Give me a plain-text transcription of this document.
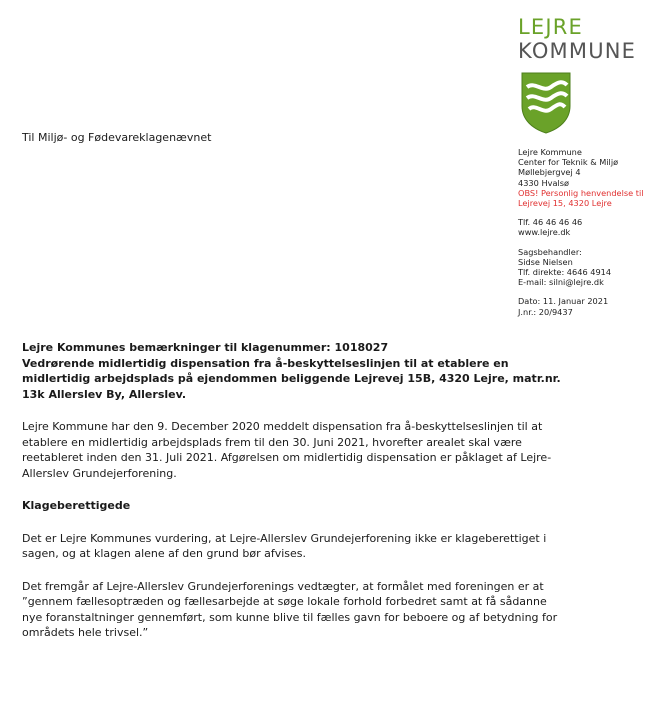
LEJRE
KOMMUNE
Til Miljø- og Fødevareklagenævnet
Lejre Kommune
Center for Teknik & Miljø
Møllebjergvej 4
4330 Hvalsø
OBS! Personlig henvendelse til
Lejrevej 15, 4320 Lejre
Tlf. 46 46 46 46
www.lejre.dk
Sagsbehandler:
Sidse Nielsen
Tlf. direkte: 4646 4914
E-mail: silni@lejre.dk
Dato: 11. Januar 2021
J.nr.: 20/9437

Lejre Kommunes bemærkninger til klagenummer: 1018027

Vedrørende midlertidig dispensation fra å-beskyttelseslinjen til at etablere en midlertidig arbejdsplads på ejendommen beliggende Lejrevej 15B, 4320 Lejre, matr.nr. 13k Allerslev By, Allerslev.

Lejre Kommune har den 9. December 2020 meddelt dispensation fra å-beskyttelseslinjen til at etablere en midlertidig arbejdsplads frem til den 30. Juni 2021, hvorefter arealet skal være reetableret inden den 31. Juli 2021. Afgørelsen om midlertidig dispensation er påklaget af Lejre-Allerslev Grundejerforening.

Klageberettigede

Det er Lejre Kommunes vurdering, at Lejre-Allerslev Grundejerforening ikke er klageberettiget i sagen, og at klagen alene af den grund bør afvises.

Det fremgår af Lejre-Allerslev Grundejerforenings vedtægter, at formålet med foreningen er at ”gennem fællesoptræden og fællesarbejde at søge lokale forhold forbedret samt at få sådanne nye foranstaltninger gennemført, som kunne blive til fælles gavn for beboere og af betydning for områdets hele trivsel.”
